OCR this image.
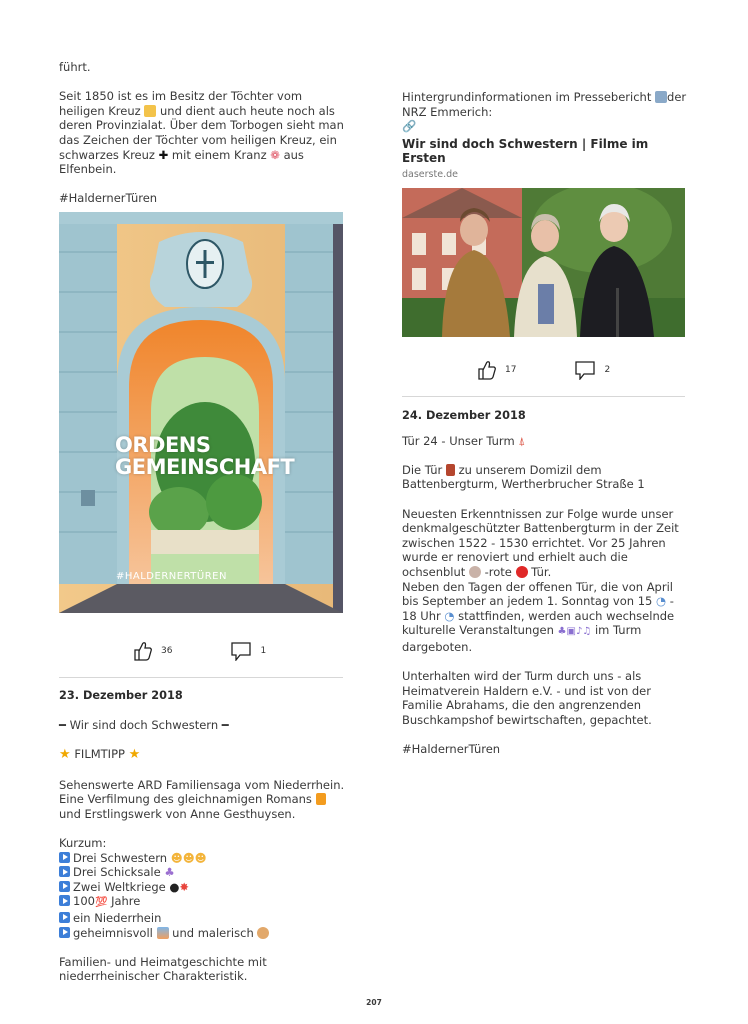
führt.

Seit 1850 ist es im Besitz der Töchter vom heiligen Kreuz und dient auch heute noch als deren Provinzialat. Über dem Torbogen sieht man das Zeichen der Töchter vom heiligen Kreuz, ein schwarzes Kreuz ✚ mit einem Kranz ❁ aus Elfenbein.

#HaldernerTüren

ORDENS
GEMEINSCHAFT
#HALDERNERTÜREN
36	1

23. Dezember 2018

━ Wir sind doch Schwestern ━

★ FILMTIPP ★

Sehenswerte ARD Familiensaga vom Niederrhein. Eine Verfilmung des gleichnamigen Romans  und Erstlingswerk von Anne Gesthuysen.

Kurzum:

Drei Schwestern ☻☻☻

Drei Schicksale ♣

Zwei Weltkriege ●✸

100💯 Jahre

ein Niederrhein

geheimnisvoll und malerisch

Familien- und Heimatgeschichte mit niederrheinischer Charakteristik.

Hintergrundinformationen im Pressebericht der NRZ Emmerich:

🔗

Wir sind doch Schwestern | Filme im Ersten

daserste.de

17	2

24. Dezember 2018

Tür 24 - Unser Turm ⍋

Die Tür zu unserem Domizil dem Battenbergturm, Wertherbrucher Straße 1

Neuesten Erkenntnissen zur Folge wurde unser denkmalgeschützter Battenbergturm in der Zeit zwischen 1522 - 1530 errichtet. Vor 25 Jahren wurde er renoviert und erhielt auch die ochsenblut -rote Tür.
Neben den Tagen der offenen Tür, die von April bis September an jedem 1. Sonntag von 15 ◔ - 18 Uhr ◔ stattfinden, werden auch wechselnde kulturelle Veranstaltungen ♣▣♪♫ im Turm dargeboten.

Unterhalten wird der Turm durch uns - als Heimatverein Haldern e.V. - und ist von der Familie Abrahams, die den angrenzenden Buschkampshof bewirtschaften, gepachtet.

#HaldernerTüren

207
